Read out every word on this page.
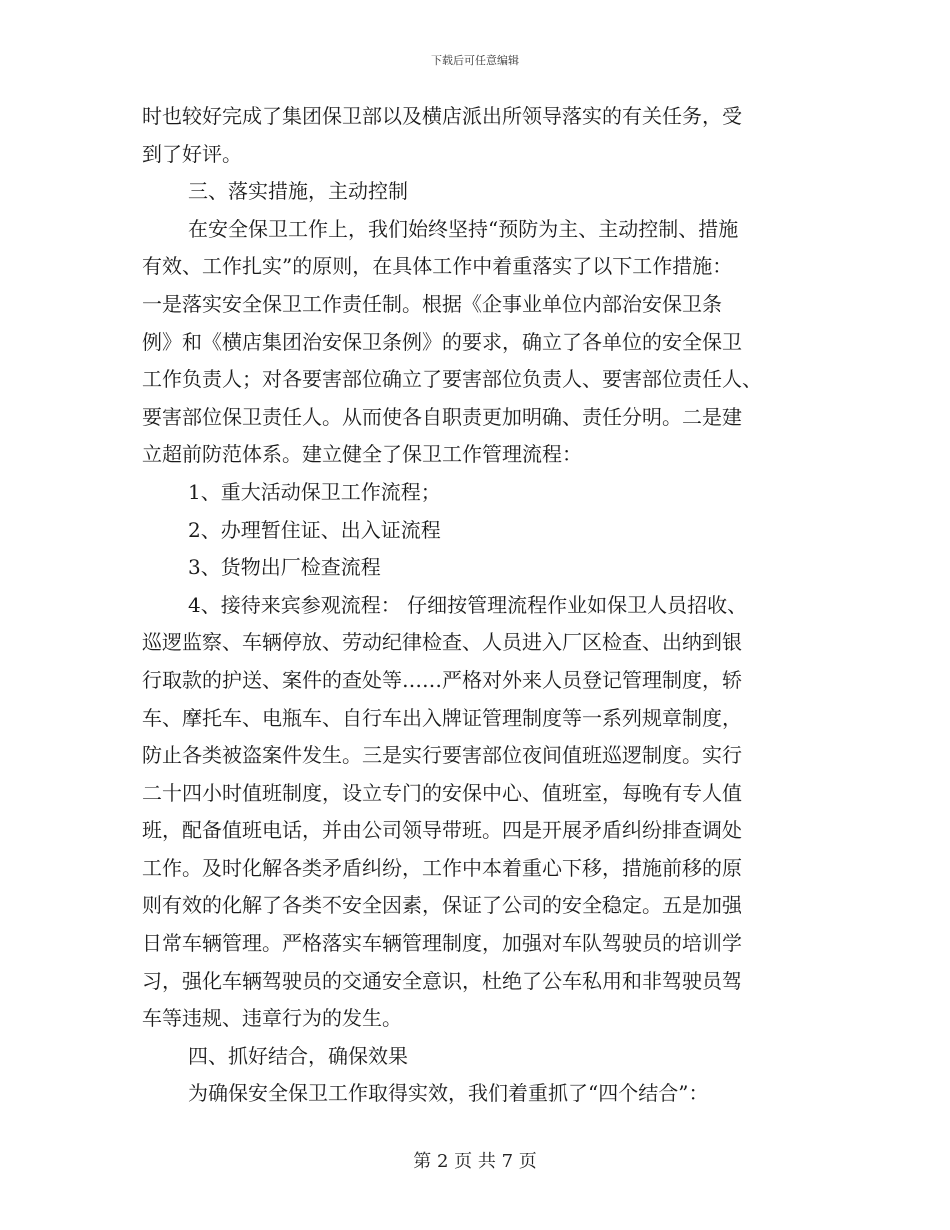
下载后可任意编辑
时也较好完成了集团保卫部以及横店派出所领导落实的有关任务，受
到了好评。
三、落实措施，主动控制
在安全保卫工作上，我们始终坚持“预防为主、主动控制、措施
有效、工作扎实”的原则，在具体工作中着重落实了以下工作措施：
一是落实安全保卫工作责任制。根据《企事业单位内部治安保卫条
例》和《横店集团治安保卫条例》的要求，确立了各单位的安全保卫
工作负责人；对各要害部位确立了要害部位负责人、要害部位责任人、
要害部位保卫责任人。从而使各自职责更加明确、责任分明。二是建
立超前防范体系。建立健全了保卫工作管理流程：
1、重大活动保卫工作流程；
2、办理暂住证、出入证流程
3、货物出厂检查流程
4、接待来宾参观流程： 仔细按管理流程作业如保卫人员招收、
巡逻监察、车辆停放、劳动纪律检查、人员进入厂区检查、出纳到银
行取款的护送、案件的查处等……严格对外来人员登记管理制度，轿
车、摩托车、电瓶车、自行车出入牌证管理制度等一系列规章制度，
防止各类被盗案件发生。三是实行要害部位夜间值班巡逻制度。实行
二十四小时值班制度，设立专门的安保中心、值班室，每晚有专人值
班，配备值班电话，并由公司领导带班。四是开展矛盾纠纷排查调处
工作。及时化解各类矛盾纠纷，工作中本着重心下移，措施前移的原
则有效的化解了各类不安全因素，保证了公司的安全稳定。五是加强
日常车辆管理。严格落实车辆管理制度，加强对车队驾驶员的培训学
习，强化车辆驾驶员的交通安全意识，杜绝了公车私用和非驾驶员驾
车等违规、违章行为的发生。
四、抓好结合，确保效果
为确保安全保卫工作取得实效，我们着重抓了“四个结合”：
第 2 页 共 7 页
